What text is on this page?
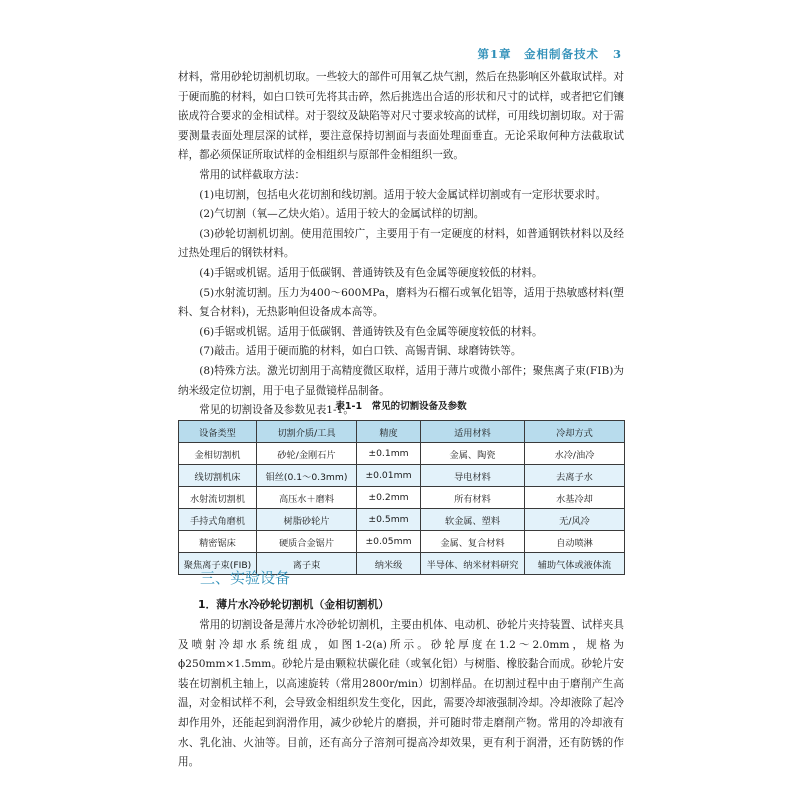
第1章　金相制备技术 3

材料，常用砂轮切割机切取。一些较大的部件可用氧乙炔气割，然后在热影响区外截取试样。对于硬而脆的材料，如白口铁可先将其击碎，然后挑选出合适的形状和尺寸的试样，或者把它们镶嵌成符合要求的金相试样。对于裂纹及缺陷等对尺寸要求较高的试样，可用线切割切取。对于需要测量表面处理层深的试样，要注意保持切割面与表面处理面垂直。无论采取何种方法截取试样，都必须保证所取试样的金相组织与原部件金相组织一致。

常用的试样截取方法：

(1)电切割，包括电火花切割和线切割。适用于较大金属试样切割或有一定形状要求时。

(2)气切割（氧—乙炔火焰）。适用于较大的金属试样的切割。

(3)砂轮切割机切割。使用范围较广，主要用于有一定硬度的材料，如普通钢铁材料以及经过热处理后的钢铁材料。

(4)手锯或机锯。适用于低碳钢、普通铸铁及有色金属等硬度较低的材料。

(5)水射流切割。压力为400～600MPa，磨料为石榴石或氧化铝等，适用于热敏感材料(塑料、复合材料)，无热影响但设备成本高等。

(6)手锯或机锯。适用于低碳钢、普通铸铁及有色金属等硬度较低的材料。

(7)敲击。适用于硬而脆的材料，如白口铁、高锡青铜、球磨铸铁等。

(8)特殊方法。激光切割用于高精度微区取样，适用于薄片或微小部件；聚焦离子束(FIB)为纳米级定位切割，用于电子显微镜样品制备。

常见的切割设备及参数见表1-1。

表1-1　常见的切割设备及参数
设备类型	切割介质/工具	精度	适用材料	冷却方式
金相切割机	砂轮/金刚石片	±0.1mm	金属、陶瓷	水冷/油冷
线切割机床	钼丝(0.1～0.3mm)	±0.01mm	导电材料	去离子水
水射流切割机	高压水＋磨料	±0.2mm	所有材料	水基冷却
手持式角磨机	树脂砂轮片	±0.5mm	软金属、塑料	无/风冷
精密锯床	硬质合金锯片	±0.05mm	金属、复合材料	自动喷淋
聚焦离子束(FIB)	离子束	纳米级	半导体、纳米材料研究	辅助气体或液体流
三、实验设备
1．薄片水冷砂轮切割机（金相切割机）

常用的切割设备是薄片水冷砂轮切割机，主要由机体、电动机、砂轮片夹持装置、试样夹具及喷射冷却水系统组成，如图1-2(a)所示。砂轮厚度在1.2～2.0mm，规格为ϕ250mm×1.5mm。砂轮片是由颗粒状碳化硅（或氧化铝）与树脂、橡胶黏合而成。砂轮片安装在切割机主轴上，以高速旋转（常用2800r/min）切割样品。在切割过程中由于磨削产生高温，对金相试样不利，会导致金相组织发生变化，因此，需要冷却液强制冷却。冷却液除了起冷却作用外，还能起到润滑作用，减少砂轮片的磨损，并可随时带走磨削产物。常用的冷却液有水、乳化油、火油等。目前，还有高分子溶剂可提高冷却效果，更有利于润滑，还有防锈的作用。
